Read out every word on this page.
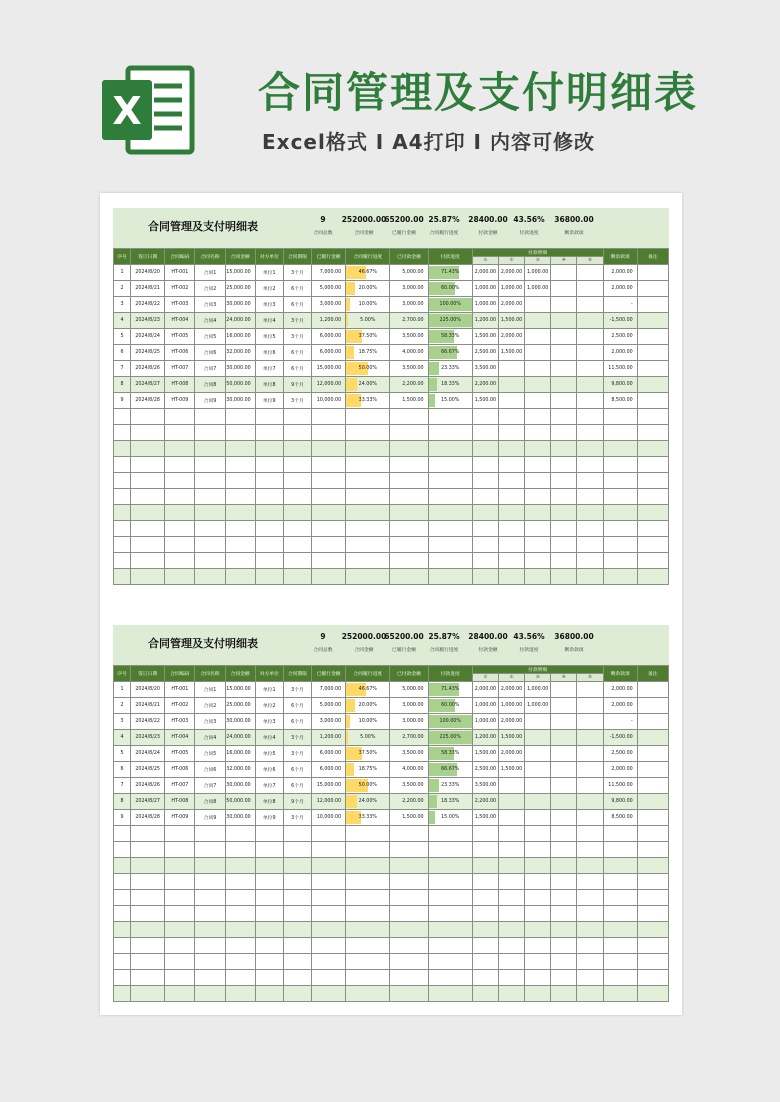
X	合同管理及支付明细表
Excel格式 I A4打印 I 内容可修改
合同管理及支付明细表
9
合同总数
252000.00
合同金额
65200.00
已履行金额
25.87%
合同履行进度
28400.00
付款金额
43.56%
付款进度
36800.00
剩余款项
序号	签订日期	合同编码	合同名称	合同金额	对方单位	合同期限	已履行金额	合同履行进度	已付款金额	付款进度	付款明细					剩余款项	备注
											①	②	③	④	⑤		
1	2024/8/20	HT-001	合同1	15,000.00	单位1	3个月	7,000.00	46.67%	5,000.00	71.43%	2,000.00	2,000.00	1,000.00			2,000.00	
2	2024/8/21	HT-002	合同2	25,000.00	单位2	6个月	5,000.00	20.00%	3,000.00	60.00%	1,000.00	1,000.00	1,000.00			2,000.00	
3	2024/8/22	HT-003	合同3	30,000.00	单位3	6个月	3,000.00	10.00%	3,000.00	100.00%	1,000.00	2,000.00				-	
4	2024/8/23	HT-004	合同4	24,000.00	单位4	3个月	1,200.00	5.00%	2,700.00	225.00%	1,200.00	1,500.00				-1,500.00	
5	2024/8/24	HT-005	合同5	16,000.00	单位5	3个月	6,000.00	37.50%	3,500.00	58.33%	1,500.00	2,000.00				2,500.00	
6	2024/8/25	HT-006	合同6	32,000.00	单位6	6个月	6,000.00	18.75%	4,000.00	66.67%	2,500.00	1,500.00				2,000.00	
7	2024/8/26	HT-007	合同7	30,000.00	单位7	6个月	15,000.00	50.00%	3,500.00	23.33%	3,500.00					11,500.00	
8	2024/8/27	HT-008	合同8	50,000.00	单位8	9个月	12,000.00	24.00%	2,200.00	18.33%	2,200.00					9,800.00	
9	2024/8/28	HT-009	合同9	30,000.00	单位9	3个月	10,000.00	33.33%	1,500.00	15.00%	1,500.00					8,500.00	

合同管理及支付明细表
9
合同总数
252000.00
合同金额
65200.00
已履行金额
25.87%
合同履行进度
28400.00
付款金额
43.56%
付款进度
36800.00
剩余款项
序号	签订日期	合同编码	合同名称	合同金额	对方单位	合同期限	已履行金额	合同履行进度	已付款金额	付款进度	付款明细					剩余款项	备注
											①	②	③	④	⑤		
1	2024/8/20	HT-001	合同1	15,000.00	单位1	3个月	7,000.00	46.67%	5,000.00	71.43%	2,000.00	2,000.00	1,000.00			2,000.00	
2	2024/8/21	HT-002	合同2	25,000.00	单位2	6个月	5,000.00	20.00%	3,000.00	60.00%	1,000.00	1,000.00	1,000.00			2,000.00	
3	2024/8/22	HT-003	合同3	30,000.00	单位3	6个月	3,000.00	10.00%	3,000.00	100.00%	1,000.00	2,000.00				-	
4	2024/8/23	HT-004	合同4	24,000.00	单位4	3个月	1,200.00	5.00%	2,700.00	225.00%	1,200.00	1,500.00				-1,500.00	
5	2024/8/24	HT-005	合同5	16,000.00	单位5	3个月	6,000.00	37.50%	3,500.00	58.33%	1,500.00	2,000.00				2,500.00	
6	2024/8/25	HT-006	合同6	32,000.00	单位6	6个月	6,000.00	18.75%	4,000.00	66.67%	2,500.00	1,500.00				2,000.00	
7	2024/8/26	HT-007	合同7	30,000.00	单位7	6个月	15,000.00	50.00%	3,500.00	23.33%	3,500.00					11,500.00	
8	2024/8/27	HT-008	合同8	50,000.00	单位8	9个月	12,000.00	24.00%	2,200.00	18.33%	2,200.00					9,800.00	
9	2024/8/28	HT-009	合同9	30,000.00	单位9	3个月	10,000.00	33.33%	1,500.00	15.00%	1,500.00					8,500.00	
